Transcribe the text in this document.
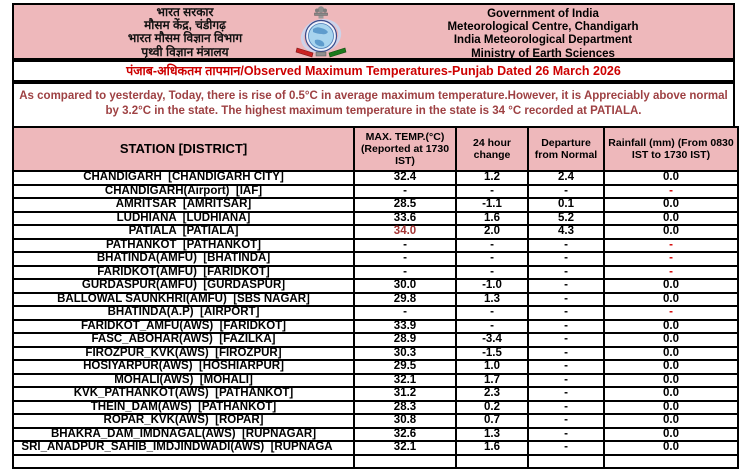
भारत सरकार
मौसम केंद्र, चंडीगढ़
भारत मौसम विज्ञान विभाग
पृथ्वी विज्ञान मंत्रालय
Government of India
Meteorological Centre, Chandigarh
India Meteorological Department
Ministry of Earth Sciences
पंजाब-अधिकतम तापमान/Observed Maximum Temperatures-Punjab Dated 26 March 2026
As compared to yesterday, Today, there is rise of 0.5°C in average maximum temperature.However, it is Appreciably above normal
by 3.2°C in the state. The highest maximum temperature in the state is 34 °C recorded at PATIALA.
STATION [DISTRICT]	MAX. TEMP.(°C) (Reported at 1730 IST)	24 hour change	Departure from Normal	Rainfall (mm) (From 0830 IST to 1730 IST)
CHANDIGARH  [CHANDIGARH CITY]	32.4	1.2	2.4	0.0
CHANDIGARH(Airport)  [IAF]	-	-	-	-
AMRITSAR  [AMRITSAR]	28.5	-1.1	0.1	0.0
LUDHIANA  [LUDHIANA]	33.6	1.6	5.2	0.0
PATIALA  [PATIALA]	34.0	2.0	4.3	0.0
PATHANKOT  [PATHANKOT]	-	-	-	-
BHATINDA(AMFU)  [BHATINDA]	-	-	-	-
FARIDKOT(AMFU)  [FARIDKOT]	-	-	-	-
GURDASPUR(AMFU)  [GURDASPUR]	30.0	-1.0	-	0.0
BALLOWAL SAUNKHRI(AMFU)  [SBS NAGAR]	29.8	1.3	-	0.0
BHATINDA(A.P)  [AIRPORT]	-	-	-	-
FARIDKOT_AMFU(AWS)  [FARIDKOT]	33.9	-	-	0.0
FASC_ABOHAR(AWS)  [FAZILKA]	28.9	-3.4	-	0.0
FIROZPUR_KVK(AWS)  [FIROZPUR]	30.3	-1.5	-	0.0
HOSIYARPUR(AWS)  [HOSHIARPUR]	29.5	1.0	-	0.0
MOHALI(AWS)  [MOHALI]	32.1	1.7	-	0.0
KVK_PATHANKOT(AWS)  [PATHANKOT]	31.2	2.3	-	0.0
THEIN_DAM(AWS)  [PATHANKOT]	28.3	0.2	-	0.0
ROPAR_KVK(AWS)  [ROPAR]	30.8	0.7	-	0.0
BHAKRA_DAM_IMDNAGAL(AWS)  [RUPNAGAR]	32.6	1.3	-	0.0
SRI_ANADPUR_SAHIB_IMDJINDWADI(AWS)  [RUPNAGA	32.1	1.6	-	0.0
